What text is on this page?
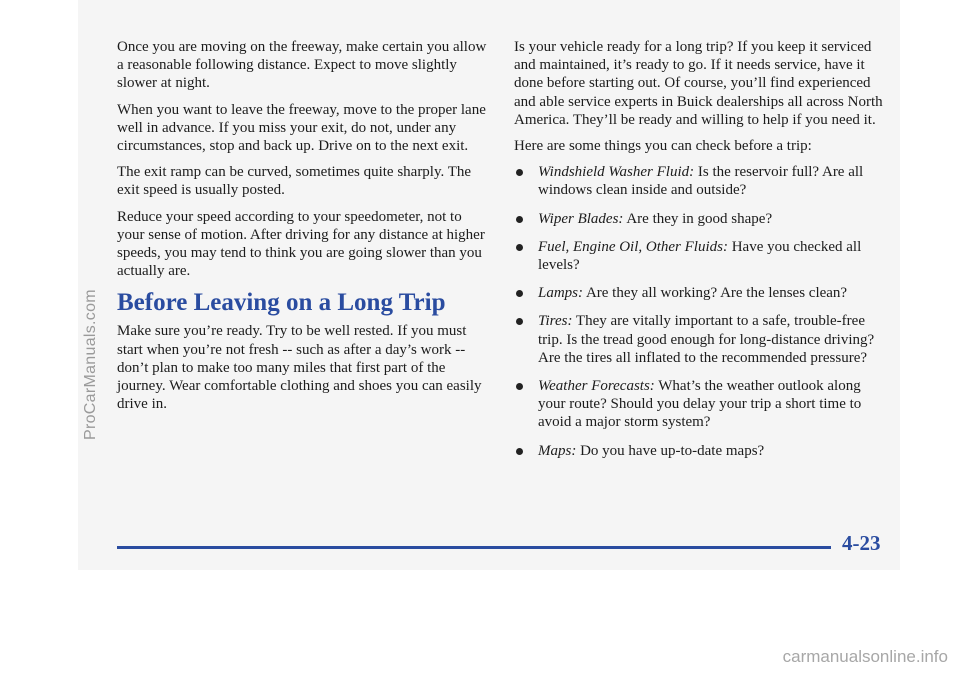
ProCarManuals.com

Once you are moving on the freeway, make certain you allow a reasonable following distance. Expect to move slightly slower at night.

When you want to leave the freeway, move to the proper lane well in advance. If you miss your exit, do not, under any circumstances, stop and back up. Drive on to the next exit.

The exit ramp can be curved, sometimes quite sharply. The exit speed is usually posted.

Reduce your speed according to your speedometer, not to your sense of motion. After driving for any distance at higher speeds, you may tend to think you are going slower than you actually are.

Before Leaving on a Long Trip

Make sure you’re ready. Try to be well rested. If you must start when you’re not fresh -- such as after a day’s work -- don’t plan to make too many miles that first part of the journey. Wear comfortable clothing and shoes you can easily drive in.

Is your vehicle ready for a long trip? If you keep it serviced and maintained, it’s ready to go. If it needs service, have it done before starting out. Of course, you’ll find experienced and able service experts in Buick dealerships all across North America. They’ll be ready and willing to help if you need it.

Here are some things you can check before a trip:

Windshield Washer Fluid: Is the reservoir full? Are all windows clean inside and outside?
Wiper Blades: Are they in good shape?
Fuel, Engine Oil, Other Fluids: Have you checked all levels?
Lamps: Are they all working? Are the lenses clean?
Tires: They are vitally important to a safe, trouble-free trip. Is the tread good enough for long-distance driving? Are the tires all inflated to the recommended pressure?
Weather Forecasts: What’s the weather outlook along your route? Should you delay your trip a short time to avoid a major storm system?
Maps: Do you have up-to-date maps?
4-23
carmanualsonline.info
